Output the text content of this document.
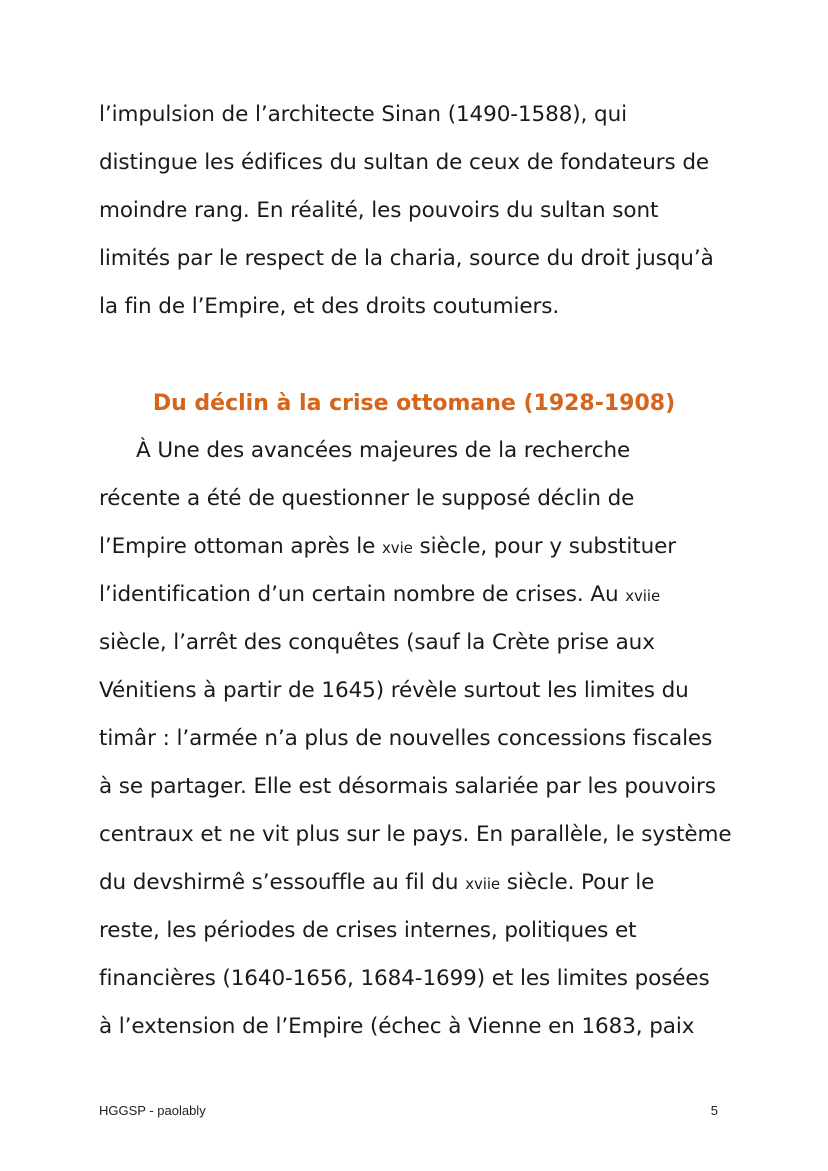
l’impulsion de l’architecte Sinan (1490-1588), qui
distingue les édifices du sultan de ceux de fondateurs de
moindre rang. En réalité, les pouvoirs du sultan sont
limités par le respect de la charia, source du droit jusqu’à
la fin de l’Empire, et des droits coutumiers.
Du déclin à la crise ottomane (1928-1908)
À Une des avancées majeures de la recherche
récente a été de questionner le supposé déclin de
l’Empire ottoman après le xvie siècle, pour y substituer
l’identification d’un certain nombre de crises. Au xviie
siècle, l’arrêt des conquêtes (sauf la Crète prise aux
Vénitiens à partir de 1645) révèle surtout les limites du
timâr : l’armée n’a plus de nouvelles concessions fiscales
à se partager. Elle est désormais salariée par les pouvoirs
centraux et ne vit plus sur le pays. En parallèle, le système
du devshirmê s’essouffle au fil du xviie siècle. Pour le
reste, les périodes de crises internes, politiques et
financières (1640-1656, 1684-1699) et les limites posées
à l’extension de l’Empire (échec à Vienne en 1683, paix
HGGSP - paolably	5
